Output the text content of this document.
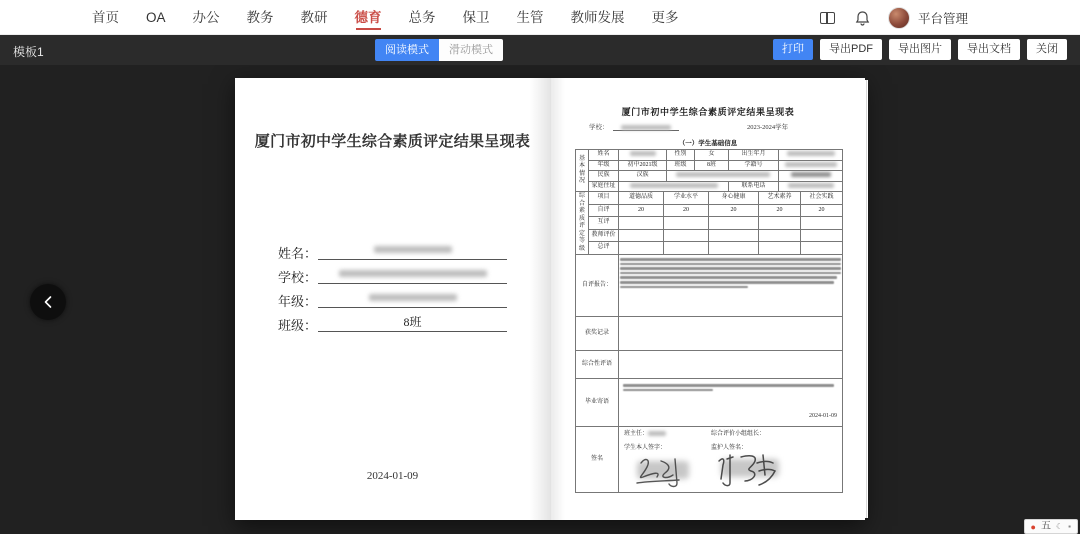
首页 OA 办公 教务 教研 德育 总务 保卫 生管 教师发展 更多	平台管理
模板1	阅读模式	滑动模式	打印	导出PDF	导出图片	导出文档	关闭
厦门市初中学生综合素质评定结果呈现表
姓名：
学校：
年级：
班级：	8班
2024-01-09
厦门市初中学生综合素质评定结果呈现表
学校：	2023-2024学年
（一）学生基础信息
基本情况	姓名		性别	女	出生年月	
	年级	初中2021级	班级	8班	学籍号	
	民族	汉族				
	家庭住址				联系电话	
综合素质评定等级	项目	道德品质	学业水平	身心健康	艺术素养	社会实践
	自评	20	20	20	20	20
	互评					
	教师评价					
	总评					
自评报告：	

获奖记录	
综合性评语	
毕业寄语	2024-01-09

签名	班主任： 综合评价小组组长：
学生本人签字： 监护人签名：
● 五 ☾ ▪
